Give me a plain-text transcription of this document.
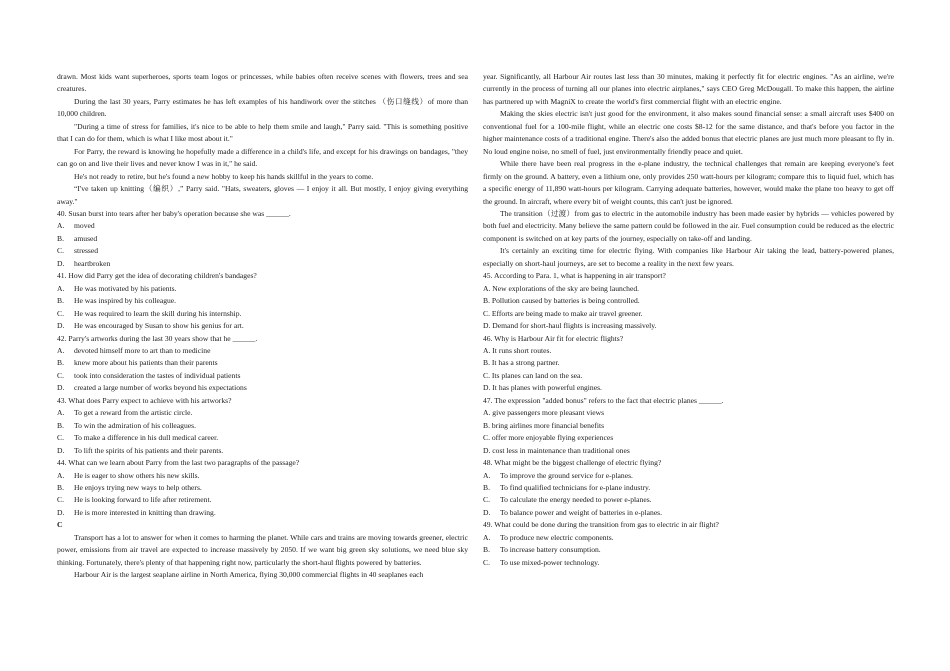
drawn. Most kids want superheroes, sports team logos or princesses, while babies often receive scenes with flowers, trees and sea creatures.

During the last 30 years, Parry estimates he has left examples of his handiwork over the stitches （伤口缝线）of more than 10,000 children.

"During a time of stress for families, it's nice to be able to help them smile and laugh," Parry said. "This is something positive that I can do for them, which is what I like most about it."

For Parry, the reward is knowing he hopefully made a difference in a child's life, and except for his drawings on bandages, "they can go on and live their lives and never know I was in it," he said.

He's not ready to retire, but he's found a new hobby to keep his hands skillful in the years to come.

“I've taken up knitting（编织）,” Parry said. "Hats, sweaters, gloves — I enjoy it all. But mostly, I enjoy giving everything away."

40. Susan burst into tears after her baby's operation because she was ______.

A. moved

B. amused

C. stressed

D. heartbroken

41. How did Parry get the idea of decorating children's bandages?

A. He was motivated by his patients.

B. He was inspired by his colleague.

C. He was required to learn the skill during his internship.

D. He was encouraged by Susan to show his genius for art.

42. Parry's artworks during the last 30 years show that he ______.

A. devoted himself more to art than to medicine

B. knew more about his patients than their parents

C. took into consideration the tastes of individual patients

D. created a large number of works beyond his expectations

43. What does Parry expect to achieve with his artworks?

A. To get a reward from the artistic circle.

B. To win the admiration of his colleagues.

C. To make a difference in his dull medical career.

D. To lift the spirits of his patients and their parents.

44. What can we learn about Parry from the last two paragraphs of the passage?

A. He is eager to show others his new skills.

B. He enjoys trying new ways to help others.

C. He is looking forward to life after retirement.

D. He is more interested in knitting than drawing.

C

Transport has a lot to answer for when it comes to harming the planet. While cars and trains are moving towards greener, electric power, emissions from air travel are expected to increase massively by 2050. If we want big green sky solutions, we need blue sky thinking. Fortunately, there's plenty of that happening right now, particularly the short-haul flights powered by batteries.

Harbour Air is the largest seaplane airline in North America, flying 30,000 commercial flights in 40 seaplanes each

year. Significantly, all Harbour Air routes last less than 30 minutes, making it perfectly fit for electric engines. "As an airline, we're currently in the process of turning all our planes into electric airplanes," says CEO Greg McDougall. To make this happen, the airline has partnered up with MagniX to create the world's first commercial flight with an electric engine.

Making the skies electric isn't just good for the environment, it also makes sound financial sense: a small aircraft uses $400 on conventional fuel for a 100-mile flight, while an electric one costs $8-12 for the same distance, and that's before you factor in the higher maintenance costs of a traditional engine. There's also the added bonus that electric planes are just much more pleasant to fly in. No loud engine noise, no smell of fuel, just environmentally friendly peace and quiet.

While there have been real progress in the e-plane industry, the technical challenges that remain are keeping everyone's feet firmly on the ground. A battery, even a lithium one, only provides 250 watt-hours per kilogram; compare this to liquid fuel, which has a specific energy of 11,890 watt-hours per kilogram. Carrying adequate batteries, however, would make the plane too heavy to get off the ground. In aircraft, where every bit of weight counts, this can't just be ignored.

The transition（过渡）from gas to electric in the automobile industry has been made easier by hybrids — vehicles powered by both fuel and electricity. Many believe the same pattern could be followed in the air. Fuel consumption could be reduced as the electric component is switched on at key parts of the journey, especially on take-off and landing.

It's certainly an exciting time for electric flying. With companies like Harbour Air taking the lead, battery-powered planes, especially on short-haul journeys, are set to become a reality in the next few years.

45. According to Para. 1, what is happening in air transport?

A. New explorations of the sky are being launched.

B. Pollution caused by batteries is being controlled.

C. Efforts are being made to make air travel greener.

D. Demand for short-haul flights is increasing massively.

46. Why is Harbour Air fit for electric flights?

A. It runs short routes.

B. It has a strong partner.

C. Its planes can land on the sea.

D. It has planes with powerful engines.

47. The expression "added bonus" refers to the fact that electric planes ______.

A. give passengers more pleasant views

B. bring airlines more financial benefits

C. offer more enjoyable flying experiences

D. cost less in maintenance than traditional ones

48. What might be the biggest challenge of electric flying?

A. To improve the ground service for e-planes.

B. To find qualified technicians for e-plane industry.

C. To calculate the energy needed to power e-planes.

D. To balance power and weight of batteries in e-planes.

49. What could be done during the transition from gas to electric in air flight?

A. To produce new electric components.

B. To increase battery consumption.

C. To use mixed-power technology.
